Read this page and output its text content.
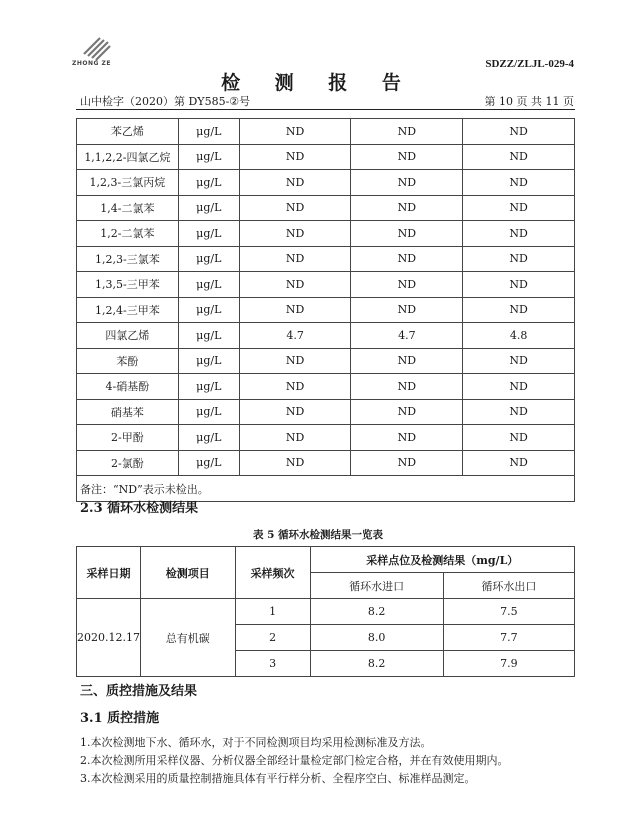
ZHONG ZE	SDZZ/ZLJL-029-4
检 测 报 告
山中检字（2020）第 DY585-②号	第 10 页 共 11 页
苯乙烯	μg/L	ND	ND	ND
1,1,2,2-四氯乙烷	μg/L	ND	ND	ND
1,2,3-三氯丙烷	μg/L	ND	ND	ND
1,4-二氯苯	μg/L	ND	ND	ND
1,2-二氯苯	μg/L	ND	ND	ND
1,2,3-三氯苯	μg/L	ND	ND	ND
1,3,5-三甲苯	μg/L	ND	ND	ND
1,2,4-三甲苯	μg/L	ND	ND	ND
四氯乙烯	μg/L	4.7	4.7	4.8
苯酚	μg/L	ND	ND	ND
4-硝基酚	μg/L	ND	ND	ND
硝基苯	μg/L	ND	ND	ND
2-甲酚	μg/L	ND	ND	ND
2-氯酚	μg/L	ND	ND	ND
备注：“ND”表示未检出。				
2.3 循环水检测结果
表 5 循环水检测结果一览表
采样日期	检测项目	采样频次	采样点位及检测结果（mg/L）	
			循环水进口	循环水出口
2020.12.17	总有机碳	1	8.2	7.5
		2	8.0	7.7
		3	8.2	7.9
三、质控措施及结果
3.1 质控措施
1.本次检测地下水、循环水，对于不同检测项目均采用检测标准及方法。
2.本次检测所用采样仪器、分析仪器全部经计量检定部门检定合格，并在有效使用期内。
3.本次检测采用的质量控制措施具体有平行样分析、全程序空白、标准样品测定。
